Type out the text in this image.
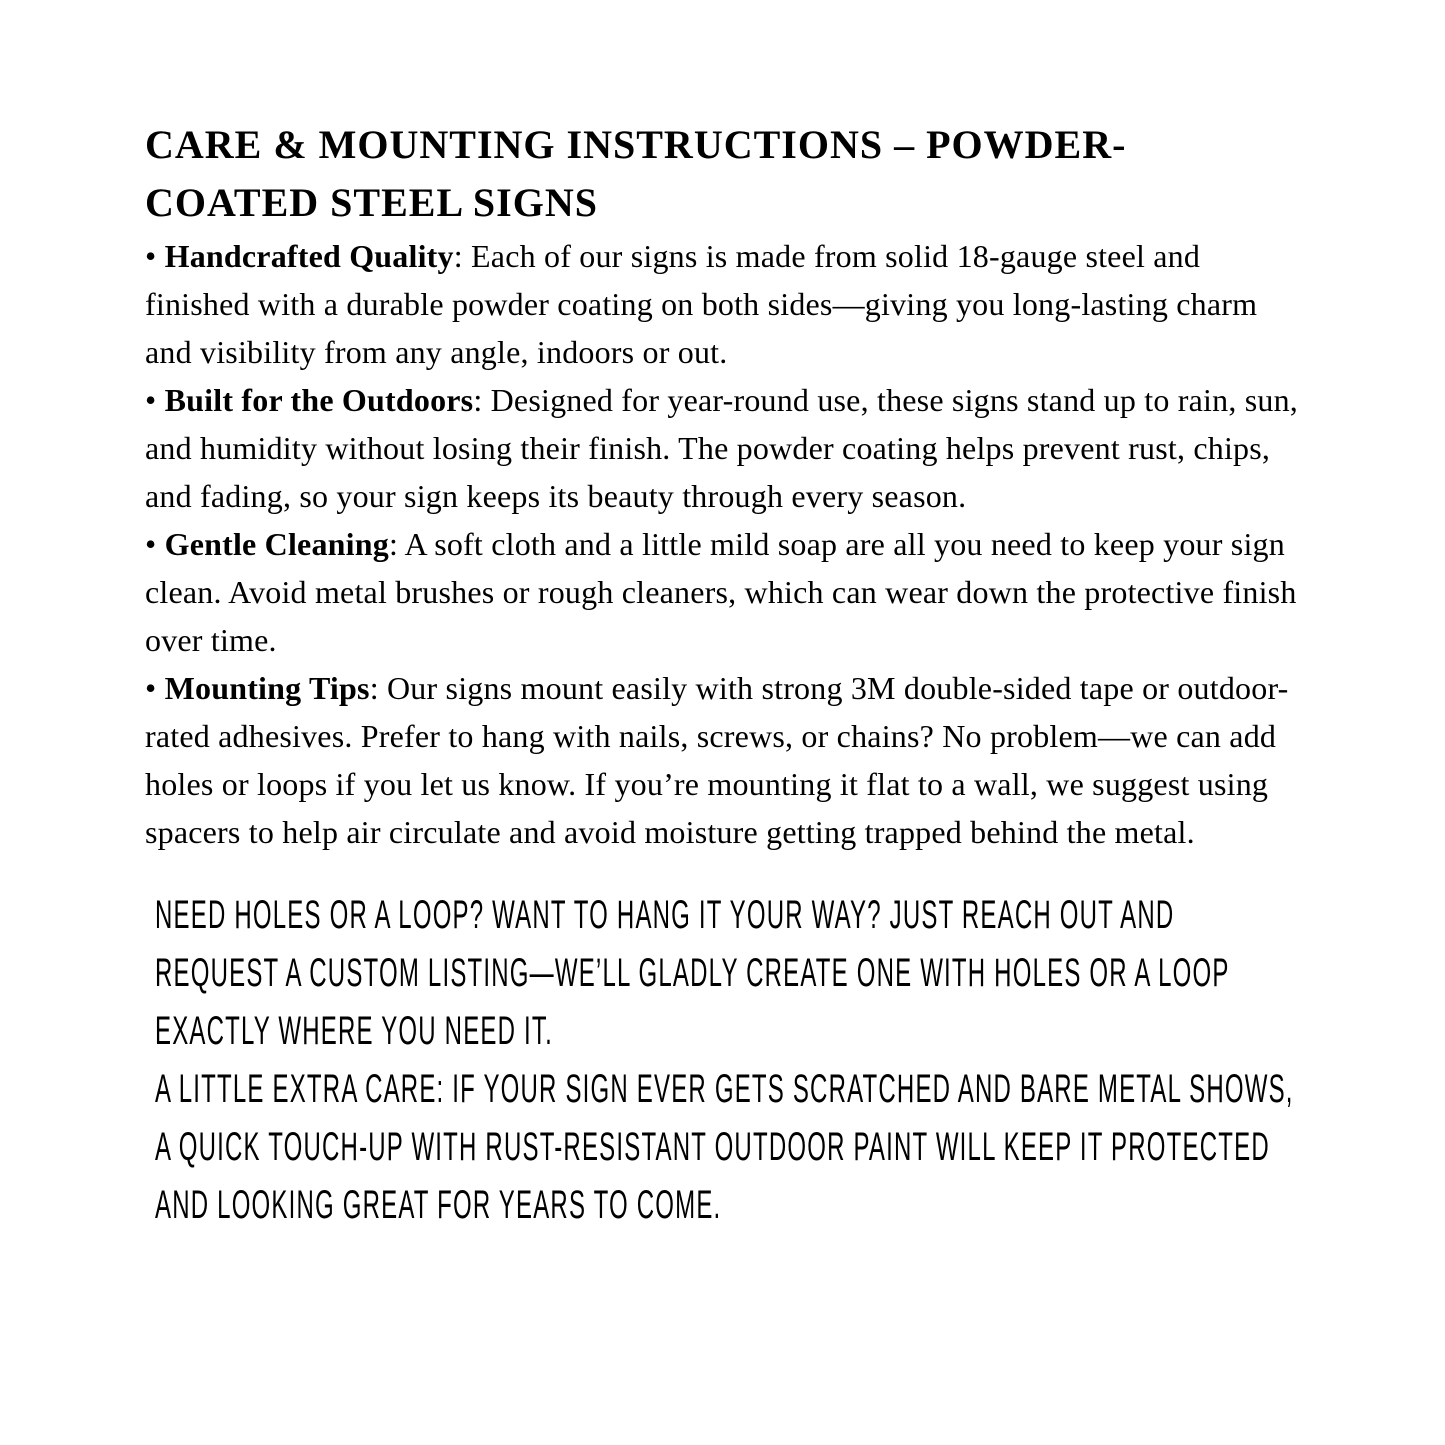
CARE & MOUNTING INSTRUCTIONS – POWDER-COATED STEEL SIGNS

• Handcrafted Quality: Each of our signs is made from solid 18-gauge steel and finished with a durable powder coating on both sides—giving you long-lasting charm and visibility from any angle, indoors or out.

• Built for the Outdoors: Designed for year-round use, these signs stand up to rain, sun, and humidity without losing their finish. The powder coating helps prevent rust, chips, and fading, so your sign keeps its beauty through every season.

• Gentle Cleaning: A soft cloth and a little mild soap are all you need to keep your sign clean. Avoid metal brushes or rough cleaners, which can wear down the protective finish over time.

• Mounting Tips: Our signs mount easily with strong 3M double-sided tape or outdoor-rated adhesives. Prefer to hang with nails, screws, or chains? No problem—we can add holes or loops if you let us know. If you’re mounting it flat to a wall, we suggest using spacers to help air circulate and avoid moisture getting trapped behind the metal.

NEED HOLES OR A LOOP? WANT TO HANG IT YOUR WAY? JUST REACH OUT AND REQUEST A CUSTOM LISTING—WE’LL GLADLY CREATE ONE WITH HOLES OR A LOOP EXACTLY WHERE YOU NEED IT.

A LITTLE EXTRA CARE: IF YOUR SIGN EVER GETS SCRATCHED AND BARE METAL SHOWS, A QUICK TOUCH-UP WITH RUST-RESISTANT OUTDOOR PAINT WILL KEEP IT PROTECTED AND LOOKING GREAT FOR YEARS TO COME.
